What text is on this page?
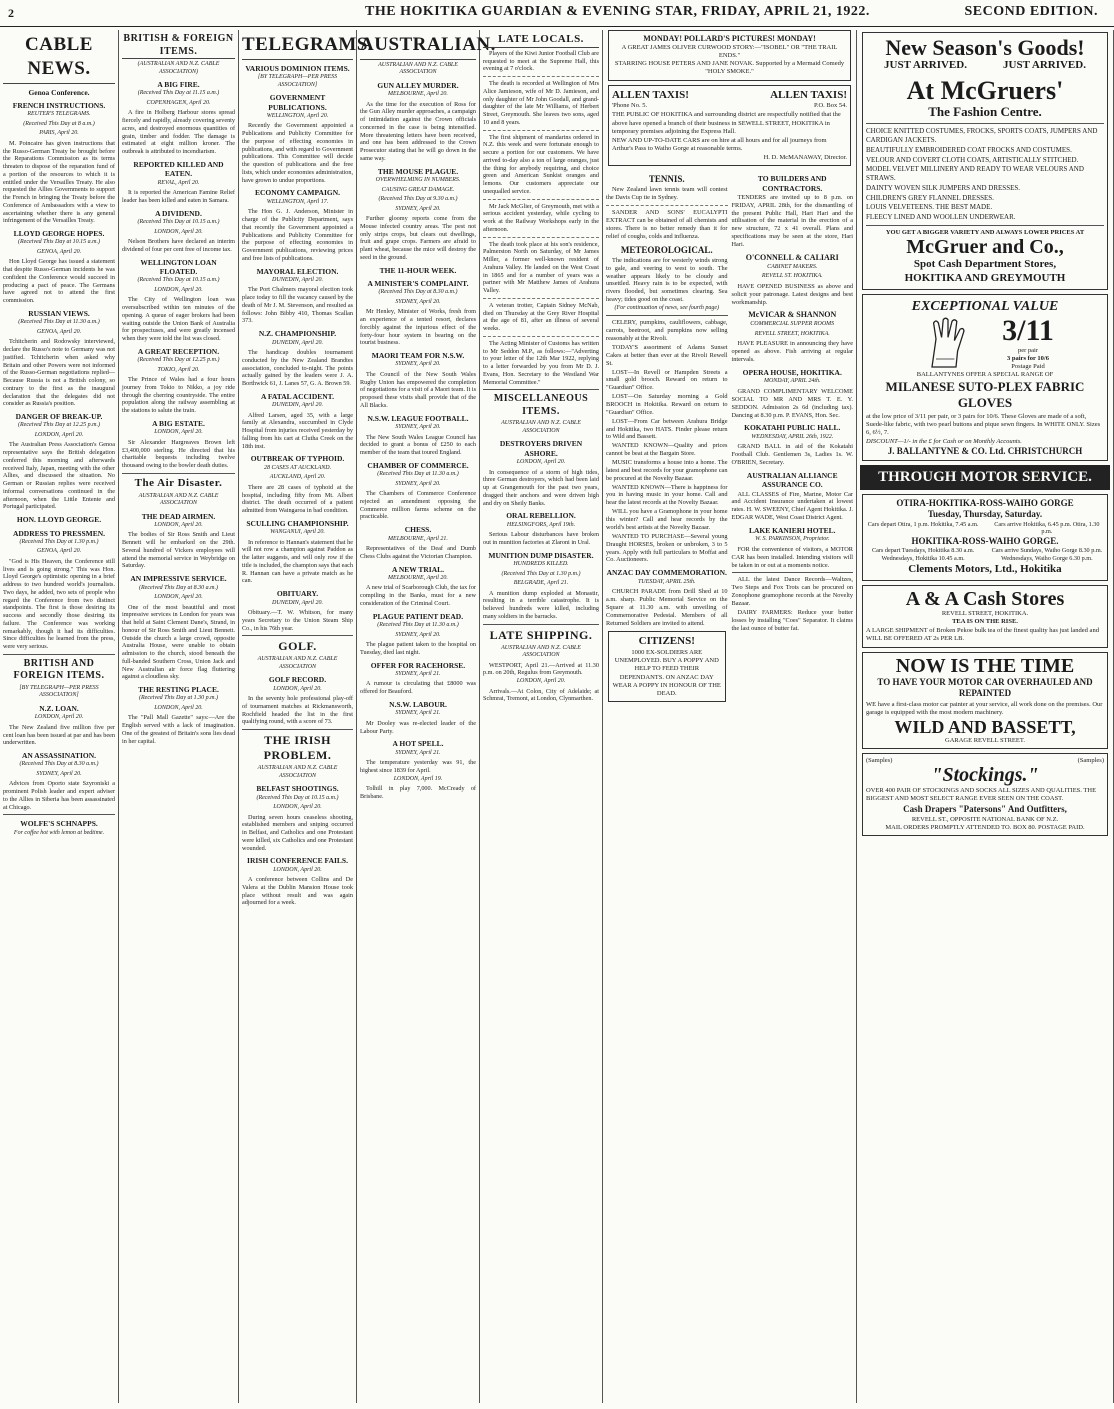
2	THE HOKITIKA GUARDIAN & EVENING STAR, FRIDAY, APRIL 21, 1922.	SECOND EDITION.
CABLE NEWS.
Genoa Conference.
FRENCH INSTRUCTIONS.
REUTER'S TELEGRAMS.
(Received This Day at 8 a.m.)
PARIS, April 20.

M. Poincaire has given instructions that the Russo-German Treaty be brought before the Reparations Commission as its terms threaten to dispose of the reparation fund of a portion of the resources to which it is entitled under the Versailles Treaty. He also requested the Allies Governments to support the French in bringing the Treaty before the Conference of Ambassadors with a view to ascertaining whether there is any general infringement of the Versailles Treaty.

LLOYD GEORGE HOPES.
(Received This Day at 10.15 a.m.)
GENOA, April 20.

Hon Lloyd George has issued a statement that despite Russo-German incidents he was confident the Conference would succeed in producing a pact of peace. The Germans have agreed not to attend the first commission.

RUSSIAN VIEWS.
(Received This Day at 11.30 a.m.)
GENOA, April 20.

Tchitcherin and Rodowsky interviewed, declare the Russo's note to Germany was not justified. Tchitcherin when asked why Britain and other Powers were not informed of the Russo-German negotiations replied—Because Russia is not a British colony, so contrary to the first as the inaugural declaration that the delegates did not consider as Russia's position.

DANGER OF BREAK-UP.
(Received This Day at 12.25 p.m.)
LONDON, April 20.

The Australian Press Association's Genoa representative says the British delegation conferred this morning and afterwards received Italy, Japan, meeting with the other Allies, and discussed the situation. No German or Russian replies were received informal conversations continued in the afternoon, when the Little Entente and Portugal participated.

HON. LLOYD GEORGE.
ADDRESS TO PRESSMEN.
(Received This Day at 1.30 p.m.)
GENOA, April 20.

"God is His Heaven, the Conference still lives and is going strong." This was Hon. Lloyd George's optimistic opening in a brief address to two hundred world's journalists. Two days, he added, two sets of people who regard the Conference from two distinct standpoints. The first is those desiring its success and secondly those desiring its failure. The Conference was working remarkably, though it had its difficulties. Since difficulties he learned from the press, were very serious.

BRITISH AND FOREIGN ITEMS.
[BY TELEGRAPH—PER PRESS ASSOCIATION]
N.Z. LOAN.
LONDON, April 20.

The New Zealand five million five per cent loan has been issued at par and has been underwritten.

AN ASSASSINATION.
(Received This Day at 8.30 a.m.)
SYDNEY, April 20.

Advices from Oporto state Szyroniski a prominent Polish leader and expert adviser to the Allies in Siberia has been assassinated at Chicago.

WOLFE'S SCHNAPPS.
For coffee hot with lemon at bedtime.
BRITISH & FOREIGN ITEMS.
(AUSTRALIAN AND N.Z. CABLE ASSOCIATION)
A BIG FIRE.
(Received This Day at 11.15 a.m.)
COPENHAGEN, April 20.

A fire in Holberg Harbour stores spread fiercely and rapidly, already covering seventy acres, and destroyed enormous quantities of grain, timber and fodder. The damage is estimated at eight million kroner. The outbreak is attributed to incendiarism.

REPORTED KILLED AND EATEN.
REVAL, April 20.

It is reported the American Famine Relief leader has been killed and eaten in Samara.

A DIVIDEND.
(Received This Day at 10.15 a.m.)
LONDON, April 20.

Nelson Brothers have declared an interim dividend of four per cent free of income tax.

WELLINGTON LOAN FLOATED.
(Received This Day at 10.15 a.m.)
LONDON, April 20.

The City of Wellington loan was oversubscribed within ten minutes of the opening. A queue of eager brokers had been waiting outside the Union Bank of Australia for prospectuses, and were greatly incensed when they were told the list was closed.

A GREAT RECEPTION.
(Received This Day at 12.25 p.m.)
TOKIO, April 20.

The Prince of Wales had a four hours journey from Tokio to Nikko, a joy ride through the cherring countryside. The entire population along the railway assembling at the stations to salute the train.

A BIG ESTATE.
LONDON, April 20.

Sir Alexander Hargreaves Brown left £3,400,000 sterling. He directed that his charitable bequests including twelve thousand owing to the bowler death duties.

The Air Disaster.
AUSTRALIAN AND N.Z. CABLE ASSOCIATION
THE DEAD AIRMEN.
LONDON, April 20.

The bodies of Sir Ross Smith and Lieut Bennett will be embarked on the 29th. Several hundred of Vickers employees will attend the memorial service in Weybridge on Saturday.

AN IMPRESSIVE SERVICE.
(Received This Day at 8.30 a.m.)
LONDON, April 20.

One of the most beautiful and most impressive services in London for years was that held at Saint Clement Dane's, Strand, in honour of Sir Ross Smith and Lieut Bennett. Outside the church a large crowd, opposite Australia House, were unable to obtain admission to the church, stood beneath the full-banded Southern Cross, Union Jack and New Australian air force flag fluttering against a cloudless sky.

THE RESTING PLACE.
(Received This Day at 1.30 p.m.)
LONDON, April 20.

The "Pall Mall Gazette" says:—Are the English served with a lack of imagination. One of the greatest of Britain's sons lies dead in her capital.

TELEGRAMS.
VARIOUS DOMINION ITEMS.
[BY TELEGRAPH—PER PRESS ASSOCIATION]
GOVERNMENT PUBLICATIONS.
WELLINGTON, April 20.

Recently the Government appointed a Publications and Publicity Committee for the purpose of effecting economies in publications, and with regard to Government publications. This Committee will decide the question of publications and the free lists, which under economies administration, have grown to undue proportions.

ECONOMY CAMPAIGN.
WELLINGTON, April 17.

The Hon G. J. Anderson, Minister in charge of the Publicity Department, says that recently the Government appointed a Publications and Publicity Committee for the purpose of effecting economies in Government publications, reviewing prices and free lists of publications.

MAYORAL ELECTION.
DUNEDIN, April 20.

The Port Chalmers mayoral election took place today to fill the vacancy caused by the death of Mr J. M. Stevenson, and resulted as follows: John Bibby 410, Thomas Scallan 373.

N.Z. CHAMPIONSHIP.
DUNEDIN, April 20.

The handicap doubles tournament conducted by the New Zealand Brandtes association, concluded to-night. The points actually gained by the leaders were J. A. Borthwick 61, J. Lanes 57, G. A. Brown 59.

A FATAL ACCIDENT.
DUNEDIN, April 20.

Alfred Larsen, aged 35, with a large family at Alexandra, succumbed in Clyde Hospital from injuries received yesterday by falling from his cart at Clutha Creek on the 18th inst.

OUTBREAK OF TYPHOID.
28 CASES AT AUCKLAND.
AUCKLAND, April 20.

There are 28 cases of typhoid at the hospital, including fifty from Mt. Albert district. The death occurred of a patient admitted from Waingaroa in bad condition.

SCULLING CHAMPIONSHIP.
WANGANUI, April 20.

In reference to Hannan's statement that he will not row a champion against Paddon as the latter suggests, and will only row if the title is included, the champion says that each R. Hannan can have a private match as he can.

OBITUARY.
DUNEDIN, April 20.

Obituary.—T. W. Whitson, for many years Secretary to the Union Steam Ship Co., in his 76th year.

GOLF.
AUSTRALIAN AND N.Z. CABLE ASSOCIATION
GOLF RECORD.
LONDON, April 20.

In the seventy hole professional play-off of tournament matches at Rickmansworth, Rochfield headed the list in the first qualifying round, with a score of 73.

THE IRISH PROBLEM.
AUSTRALIAN AND N.Z. CABLE ASSOCIATION
BELFAST SHOOTINGS.
(Received This Day at 10.15 a.m.)
LONDON, April 20.

During seven hours ceaseless shooting, established members and sniping occurred in Belfast, and Catholics and one Protestant were killed, six Catholics and one Protestant wounded.

IRISH CONFERENCE FAILS.
LONDON, April 20.

A conference between Collins and De Valera at the Dublin Mansion House took place without result and was again adjourned for a week.

AUSTRALIAN.
AUSTRALIAN AND N.Z. CABLE ASSOCIATION
GUN ALLEY MURDER.
MELBOURNE, April 20.

As the time for the execution of Ross for the Gun Alley murder approaches, a campaign of intimidation against the Crown officials concerned in the case is being intensified. More threatening letters have been received, and one has been addressed to the Crown Prosecutor stating that he will go down in the same way.

THE MOUSE PLAGUE.
OVERWHELMING IN NUMBERS.
CAUSING GREAT DAMAGE.
(Received This Day at 9.30 a.m.)
SYDNEY, April 20.

Further gloomy reports come from the Mouse infected country areas. The pest not only strips crops, but clears out dwellings, fruit and grape crops. Farmers are afraid to plant wheat, because the mice will destroy the seed in the ground.

THE 11-HOUR WEEK.
A MINISTER'S COMPLAINT.
(Received This Day at 8.30 a.m.)
SYDNEY, April 20.

Mr Henley, Minister of Works, fresh from an experience of a tented resort, declares forcibly against the injurious effect of the forty-four hour system in bearing on the tourist business.

MAORI TEAM FOR N.S.W.
SYDNEY, April 20.

The Council of the New South Wales Rugby Union has empowered the completion of negotiations for a visit of a Maori team. It is proposed these visits shall provide that of the All Blacks.

N.S.W. LEAGUE FOOTBALL.
SYDNEY, April 20.

The New South Wales League Council has decided to grant a bonus of £250 to each member of the team that toured England.

CHAMBER OF COMMERCE.
(Received This Day at 11.30 a.m.)
SYDNEY, April 20.

The Chambers of Commerce Conference rejected an amendment opposing the Commerce million farms scheme on the practicable.

CHESS.
MELBOURNE, April 21.

Representatives of the Deaf and Dumb Chess Clubs against the Victorian Champion.

A NEW TRIAL.
MELBOURNE, April 20.

A new trial of Scarborough Club, the tax for compiling in the Banks, must for a new consideration of the Criminal Court.

PLAGUE PATIENT DEAD.
(Received This Day at 11.30 a.m.)
SYDNEY, April 20.

The plague patient taken to the hospital on Tuesday, died last night.

OFFER FOR RACEHORSE.
SYDNEY, April 21.

A rumour is circulating that £8000 was offered for Beauford.

N.S.W. LABOUR.
SYDNEY, April 21.

Mr Dooley was re-elected leader of the Labour Party.

A HOT SPELL.
SYDNEY, April 21.

The temperature yesterday was 91, the highest since 1839 for April.

LONDON, April 19.

Tolhill in play 7,000. McCready of Brisbane.

LATE LOCALS.

Players of the Kiwi Junior Football Club are requested to meet at the Supreme Hall, this evening at 7 o'clock.

The death is recorded at Wellington of Mrs Alice Jamieson, wife of Mr D. Jamieson, and only daughter of Mr John Goodall, and grand-daughter of the late Mr Williams, of Herbert Street, Greymouth. She leaves two sons, aged 10 and 8 years.

The first shipment of mandarins ordered in N.Z. this week and were fortunate enough to secure a portion for our customers. We have arrived to-day also a ton of large oranges, just the thing for anybody requiring, and choice green and American Sunkist oranges and lemons. Our customers appreciate our unequalled service.

Mr Jack McGlier, of Greymouth, met with a serious accident yesterday, while cycling to work at the Railway Workshops early in the afternoon.

The death took place at his son's residence, Palmerston North on Saturday, of Mr James Miller, a former well-known resident of Arahura Valley. He landed on the West Coast in 1865 and for a number of years was a partner with Mr Matthew James of Arahura Valley.

A veteran trotter, Captain Sidney McNab, died on Thursday at the Grey River Hospital at the age of 81, after an illness of several weeks.

The Acting Minister of Customs has written to Mr Seddon M.P., as follows:—"Adverting to your letter of the 12th Mar 1922, replying to a letter forwarded by you from Mr D. J. Evans, Hon. Secretary to the Westland War Memorial Committee."

MISCELLANEOUS ITEMS.
AUSTRALIAN AND N.Z. CABLE ASSOCIATION
DESTROYERS DRIVEN ASHORE.
LONDON, April 20.

In consequence of a storm of high tides, three German destroyers, which had been laid up at Grangemouth for the past two years, dragged their anchors and were driven high and dry on Sheily Banks.

ORAL REBELLION.
HELSINGFORS, April 19th.

Serious Labour disturbances have broken out in munition factories at Zlaroni in Ural.

MUNITION DUMP DISASTER.
HUNDREDS KILLED.
(Received This Day at 1.30 p.m.)
BELGRADE, April 21.

A munition dump exploded at Monastir, resulting in a terrible catastrophe. It is believed hundreds were killed, including many soldiers in the barracks.

LATE SHIPPING.
AUSTRALIAN AND N.Z. CABLE ASSOCIATION

WESTPORT, April 21.—Arrived at 11.30 p.m. on 20th, Regulus from Greymouth.

LONDON, April 20.

Arrivals.—At Colon, City of Adelaide; at Schmrai, Tremont, at London, Clynmarthen.

MONDAY! POLLARD'S PICTURES! MONDAY!
A GREAT JAMES OLIVER CURWOOD STORY:—"ISOBEL" OR "THE TRAIL ENDS."
STARRING HOUSE PETERS AND JANE NOVAK. Supported by a Mermaid Comedy "HOLY SMOKE."
ALLEN TAXIS!	ALLEN TAXIS!
'Phone No. 5.	P.O. Box 54.
THE PUBLIC OF HOKITIKA and surrounding district are respectfully notified that the above have opened a branch of their business in SEWELL STREET, HOKITIKA in temporary premises adjoining the Express Hall.
NEW AND UP-TO-DATE CARS are on hire at all hours and for all journeys from Arthur's Pass to Waiho Gorge at reasonable terms.
H. D. McMANAWAY, Director.
TENNIS.

New Zealand lawn tennis team will contest the Davis Cup tie in Sydney.

SANDER AND SONS' EUCALYPTI EXTRACT can be obtained of all chemists and stores. There is no better remedy than it for relief of coughs, colds and influenza.

METEOROLOGICAL.

The indications are for westerly winds strong to gale, and veering to west to south. The weather appears likely to be cloudy and unsettled. Heavy rain is to be expected, with rivers flooded, but sometimes clearing. Sea heavy; tides good on the coast.

(For continuation of news, see fourth page)

CELERY, pumpkins, cauliflowers, cabbage, carrots, beetroot, and pumpkins now selling reasonably at the Rivoli.

TODAY'S assortment of Adams Sunset Cakes at better than ever at the Rivoli Rewell St.

LOST—In Revell or Hampden Streets a small gold brooch. Reward on return to "Guardian" Office.

LOST—On Saturday morning a Gold BROOCH in Hokitika. Reward on return to "Guardian" Office.

LOST—From Car between Arahura Bridge and Hokitika, two HATS. Finder please return to Wild and Bassett.

WANTED KNOWN—Quality and prices cannot be beat at the Bargain Store.

MUSIC transforms a house into a home. The latest and best records for your gramophone can be procured at the Novelty Bazaar.

WANTED KNOWN—There is happiness for you in having music in your home. Call and hear the latest records at the Novelty Bazaar.

WILL you have a Gramophone in your home this winter? Call and hear records by the world's best artists at the Novelty Bazaar.

WANTED TO PURCHASE—Several young Draught HORSES, broken or unbroken, 3 to 5 years. Apply with full particulars to Moffat and Co. Auctioneers.

ANZAC DAY COMMEMORATION.
TUESDAY, APRIL 25th.

CHURCH PARADE from Drill Shed at 10 a.m. sharp. Public Memorial Service on the Square at 11.30 a.m. with unveiling of Commemorative Pedestal. Members of all Returned Soldiers are invited to attend.

CITIZENS!
1000 EX-SOLDIERS ARE UNEMPLOYED. BUY A POPPY AND HELP TO FEED THEIR DEPENDANTS. ON ANZAC DAY WEAR A POPPY IN HONOUR OF THE DEAD.
TO BUILDERS AND CONTRACTORS.

TENDERS are invited up to 8 p.m. on FRIDAY, APRIL 28th, for the dismantling of the present Public Hall, Hari Hari and the utilisation of the material in the erection of a new structure, 72 x 41 overall. Plans and specifications may be seen at the store, Hari Hari.

O'CONNELL & CALIARI
CABINET MAKERS.
REVELL ST. HOKITIKA.

HAVE OPENED BUSINESS as above and solicit your patronage. Latest designs and best workmanship.

McVICAR & SHANNON
COMMERCIAL SUPPER ROOMS
REVELL STREET, HOKITIKA.

HAVE PLEASURE in announcing they have opened as above. Fish arriving at regular intervals.

OPERA HOUSE, HOKITIKA.
MONDAY, APRIL 24th.

GRAND COMPLIMENTARY WELCOME SOCIAL TO MR AND MRS T. E. Y. SEDDON. Admission 2s 6d (including tax). Dancing at 8.30 p.m. P. EVANS, Hon. Sec.

KOKATAHI PUBLIC HALL.
WEDNESDAY, APRIL 26th, 1922.

GRAND BALL in aid of the Kokatahi Football Club. Gentlemen 3s, Ladies 1s. W. O'BRIEN, Secretary.

AUSTRALIAN ALLIANCE ASSURANCE CO.

ALL CLASSES of Fire, Marine, Motor Car and Accident Insurance undertaken at lowest rates. H. W. SWEENY, Chief Agent Hokitika. J. EDGAR WADE, West Coast District Agent.

LAKE KANIERI HOTEL.
W. S. PARKINSON, Proprietor.

FOR the convenience of visitors, a MOTOR CAR has been installed. Intending visitors will be taken in or out at a moments notice.

ALL the latest Dance Records—Waltzes, Two Steps and Fox Trots can be procured on Zonophone gramophone records at the Novelty Bazaar.

DAIRY FARMERS: Reduce your butter losses by installing "Coes" Separator. It claims the last ounce of butter fat.

New Season's Goods!
JUST ARRIVED.	JUST ARRIVED.
At McGruers'
The Fashion Centre.
CHOICE KNITTED COSTUMES, FROCKS, SPORTS COATS, JUMPERS AND CARDIGAN JACKETS.
BEAUTIFULLY EMBROIDERED COAT FROCKS AND COSTUMES.
VELOUR AND COVERT CLOTH COATS, ARTISTICALLY STITCHED.
MODEL VELVET MILLINERY AND READY TO WEAR VELOURS AND STRAWS.
DAINTY WOVEN SILK JUMPERS AND DRESSES.
CHILDREN'S GREY FLANNEL DRESSES.
LOUIS VELVETEENS. THE BEST MADE.
FLEECY LINED AND WOOLLEN UNDERWEAR.
YOU GET A BIGGER VARIETY AND ALWAYS LOWER PRICES AT
McGruer and Co.,
Spot Cash Department Stores,
HOKITIKA AND GREYMOUTH
EXCEPTIONAL VALUE
3/11
per pair
3 pairs for 10/6
Postage Paid
BALLANTYNES OFFER A SPECIAL RANGE OF
MILANESE SUTO-PLEX FABRIC GLOVES
at the low price of 3/11 per pair, or 3 pairs for 10/6. These Gloves are made of a soft, Suede-like fabric, with two pearl buttons and pique sewn fingers. In WHITE ONLY. Sizes 6, 6½, 7.
DISCOUNT—1/- in the £ for Cash or on Monthly Accounts.
J. BALLANTYNE & CO. Ltd. CHRISTCHURCH
THROUGH MOTOR SERVICE.
OTIRA-HOKITIKA-ROSS-WAIHO GORGE
Tuesday, Thursday, Saturday.
Cars depart Otira, 1 p.m. Hokitika, 7.45 a.m.	Cars arrive Hokitika, 6.45 p.m. Otira, 1.30 p.m.
HOKITIKA-ROSS-WAIHO GORGE.
Cars depart Tuesdays, Hokitika 8.30 a.m. Wednesdays, Hokitika 10.45 a.m.
Cars arrive Sundays, Waiho Gorge 8.30 p.m. Wednesdays, Waiho Gorge 6.30 p.m.
Clements Motors, Ltd., Hokitika
A & A Cash Stores
REVELL STREET, HOKITIKA.
TEA IS ON THE RISE.
A LARGE SHIPMENT of Broken Pekoe bulk tea of the finest quality has just landed and WILL BE OFFERED AT 2s PER LB.
NOW IS THE TIME
TO HAVE YOUR MOTOR CAR OVERHAULED AND REPAINTED
WE have a first-class motor car painter at your service, all work done on the premises. Our garage is equipped with the most modern machinery.
WILD AND BASSETT,
GARAGE REVELL STREET.
(Samples)	(Samples)
"Stockings."
OVER 400 PAIR OF STOCKINGS AND SOCKS ALL SIZES AND QUALITIES. THE BIGGEST AND MOST SELECT RANGE EVER SEEN ON THE COAST.
Cash Drapers "Patersons" And Outfitters,
REVELL ST., OPPOSITE NATIONAL BANK OF N.Z.
MAIL ORDERS PROMPTLY ATTENDED TO. BOX 80. POSTAGE PAID.
